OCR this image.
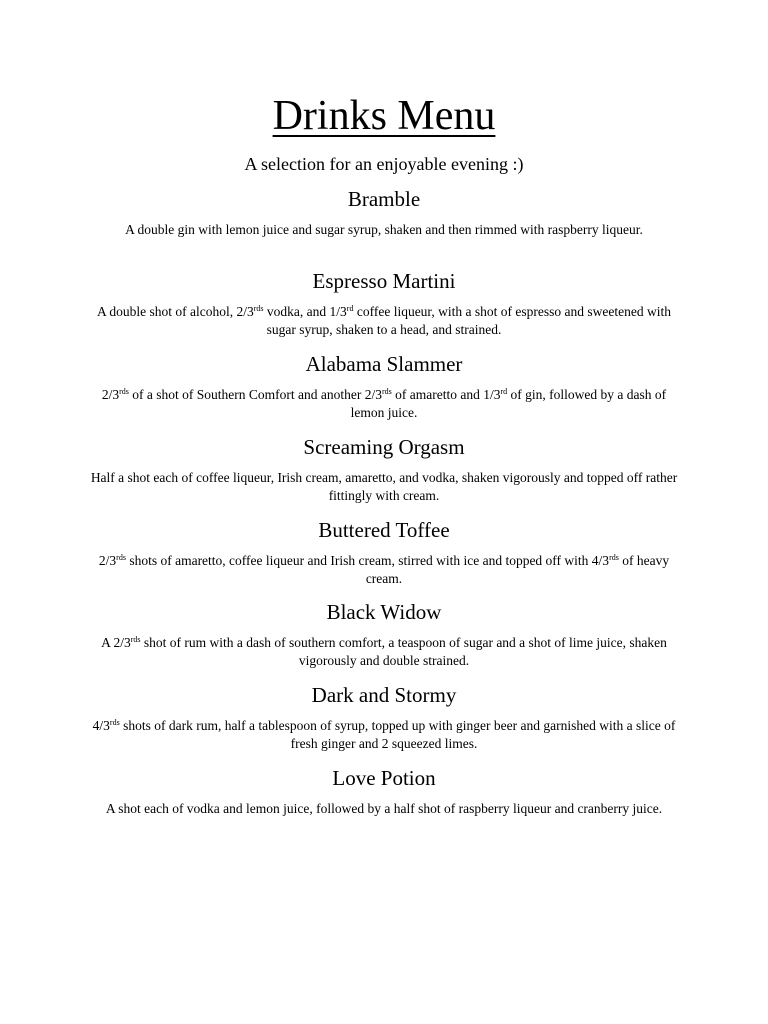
Drinks Menu

A selection for an enjoyable evening :)

Bramble

A double gin with lemon juice and sugar syrup, shaken and then rimmed with raspberry liqueur.

Espresso Martini

A double shot of alcohol, $2/3^{rds}$ vodka, and 1/3rd coffee liqueur, with a shot of espresso and sweetened with sugar syrup, shaken to a head, and strained.

Alabama Slammer

$2/3^{rds}$ of a shot of Southern Comfort and another $2/3^{rds}$ of amaretto and 1/3rd of gin, followed by a dash of lemon juice.

Screaming Orgasm

Half a shot each of coffee liqueur, Irish cream, amaretto, and vodka, shaken vigorously and topped off rather fittingly with cream.

Buttered Toffee

$2/3^{rds}$ shots of amaretto, coffee liqueur and Irish cream, stirred with ice and topped off with $4/3^{rds}$ of heavy cream.

Black Widow

A $2/3^{rds}$ shot of rum with a dash of southern comfort, a teaspoon of sugar and a shot of lime juice, shaken vigorously and double strained.

Dark and Stormy

$4/3^{rds}$ shots of dark rum, half a tablespoon of syrup, topped up with ginger beer and garnished with a slice of fresh ginger and 2 squeezed limes.

Love Potion

A shot each of vodka and lemon juice, followed by a half shot of raspberry liqueur and cranberry juice.
